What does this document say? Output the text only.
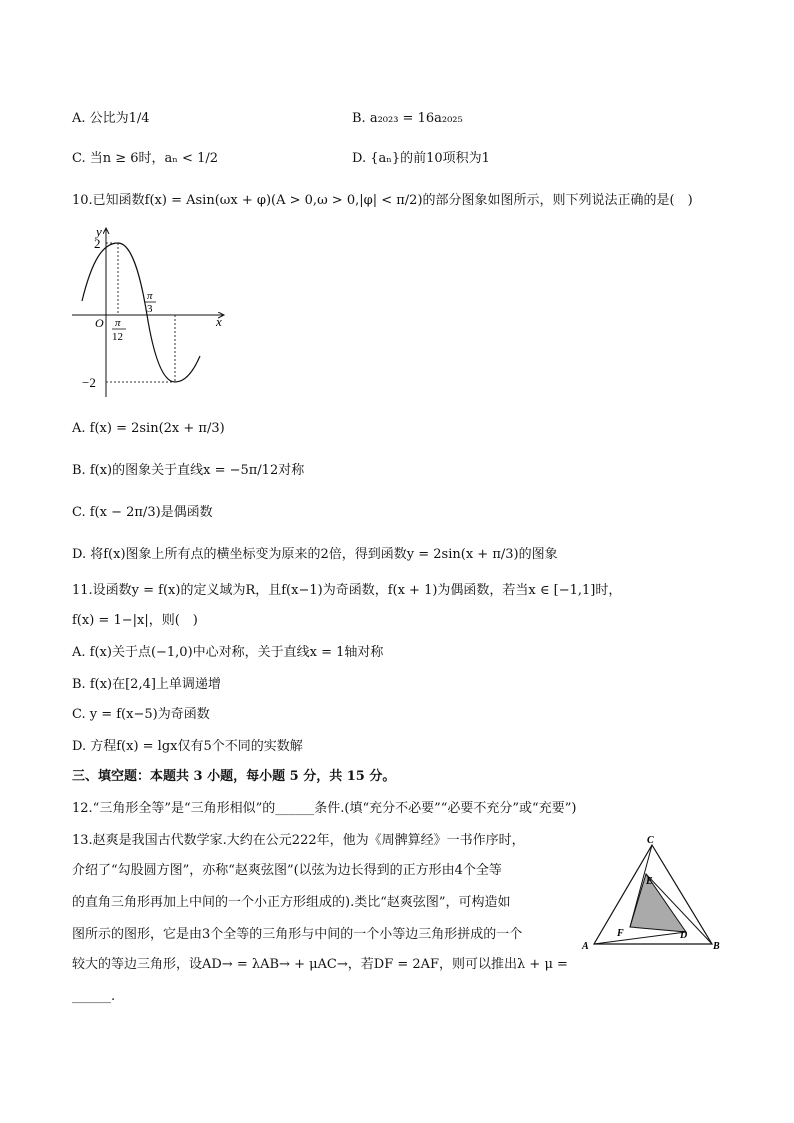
A. 公比为1/4	B. a₂₀₂₃ = 16a₂₀₂₅
C. 当n ≥ 6时，aₙ < 1/2	D. {aₙ}的前10项积为1
10.已知函数f(x) = Asin(ωx + φ)(A > 0,ω > 0,|φ| < π/2)的部分图象如图所示，则下列说法正确的是(　)
y
2
−2
x
O π
12
π
3
A. f(x) = 2sin(2x + π/3)
B. f(x)的图象关于直线x = −5π/12对称
C. f(x − 2π/3)是偶函数
D. 将f(x)图象上所有点的横坐标变为原来的2倍，得到函数y = 2sin(x + π/3)的图象
11.设函数y = f(x)的定义域为R，且f(x−1)为奇函数，f(x + 1)为偶函数，若当x ∈ [−1,1]时，
f(x) = 1−|x|，则(　)
A. f(x)关于点(−1,0)中心对称，关于直线x = 1轴对称
B. f(x)在[2,4]上单调递增
C. y = f(x−5)为奇函数
D. 方程f(x) = lgx仅有5个不同的实数解
三、填空题：本题共 3 小题，每小题 5 分，共 15 分。
12.“三角形全等”是“三角形相似”的______条件.(填“充分不必要”“必要不充分”或“充要”)
13.赵爽是我国古代数学家.大约在公元222年，他为《周髀算经》一书作序时，
介绍了“勾股圆方图”，亦称“赵爽弦图”(以弦为边长得到的正方形由4个全等
的直角三角形再加上中间的一个小正方形组成的).类比“赵爽弦图”，可构造如
图所示的图形，它是由3个全等的三角形与中间的一个小等边三角形拼成的一个
较大的等边三角形，设AD→ = λAB→ + μAC→，若DF = 2AF，则可以推出λ + μ =
______.
A	B
C
D
E
F
